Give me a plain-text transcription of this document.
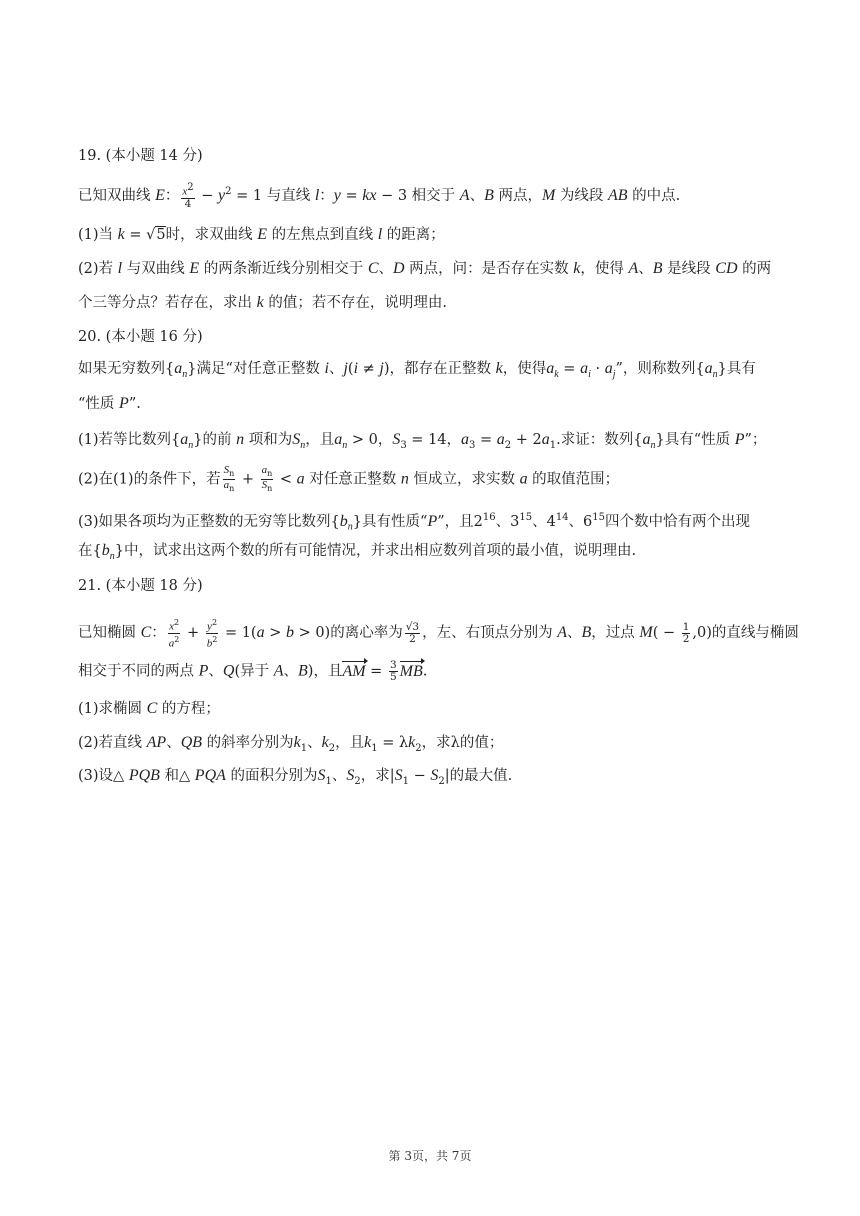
19. (本小题 14 分)
已知双曲线 E： $\frac{x^2}{4} - y^2 = 1$ 与直线 l：y = kx − 3 相交于 A、B 两点，M 为线段 AB 的中点.
(1)当 k = √5时，求双曲线 E 的左焦点到直线 l 的距离；
(2)若 l 与双曲线 E 的两条渐近线分别相交于 C、D 两点，问：是否存在实数 k，使得 A、B 是线段 CD 的两
个三等分点？若存在，求出 k 的值；若不存在，说明理由.
20. (本小题 16 分)
如果无穷数列$\{a_n\}$满足“对任意正整数 i、j(i ≠ j)，都存在正整数 k，使得$a_k = a_i \cdot a_j$”，则称数列$\{a_n\}$具有
“性质 P”.
(1)若等比数列$\{a_n\}$的前 n 项和为$S_n$，且$a_n > 0$，$S_3 = 14$，$a_3 = a_2 + 2a_1$.求证：数列$\{a_n\}$具有“性质 P”；
(2)在(1)的条件下，若 $\frac{S_n}{a_n} + \frac{a_n}{S_n} < a$ 对任意正整数 n 恒成立，求实数 a 的取值范围；
(3)如果各项均为正整数的无穷等比数列$\{b_n\}$具有性质“P”，且$2^{16}$、$3^{15}$、$4^{14}$、$6^{15}$四个数中恰有两个出现
在$\{b_n\}$中，试求出这两个数的所有可能情况，并求出相应数列首项的最小值，说明理由.
21. (本小题 18 分)
已知椭圆 C： $\frac{x^2}{a^2} + \frac{y^2}{b^2} = 1(a > b > 0)$的离心率为 $\frac{√3}{2}$ ，左、右顶点分别为 A、B，过点 $M( - \frac{1}{2} ,0)$的直线与椭圆
相交于不同的两点 P、Q(异于 A、B)，且AM = $\frac{3}{5}$ MB.
(1)求椭圆 C 的方程；
(2)若直线 AP、QB 的斜率分别为$k_1$、$k_2$，且$k_1 = \lambda k_2$，求λ的值；
(3)设△ PQB 和△ PQA 的面积分别为$S_1$、$S_2$，求$|S_1 - S_2|$的最大值.
第 3页，共 7页
